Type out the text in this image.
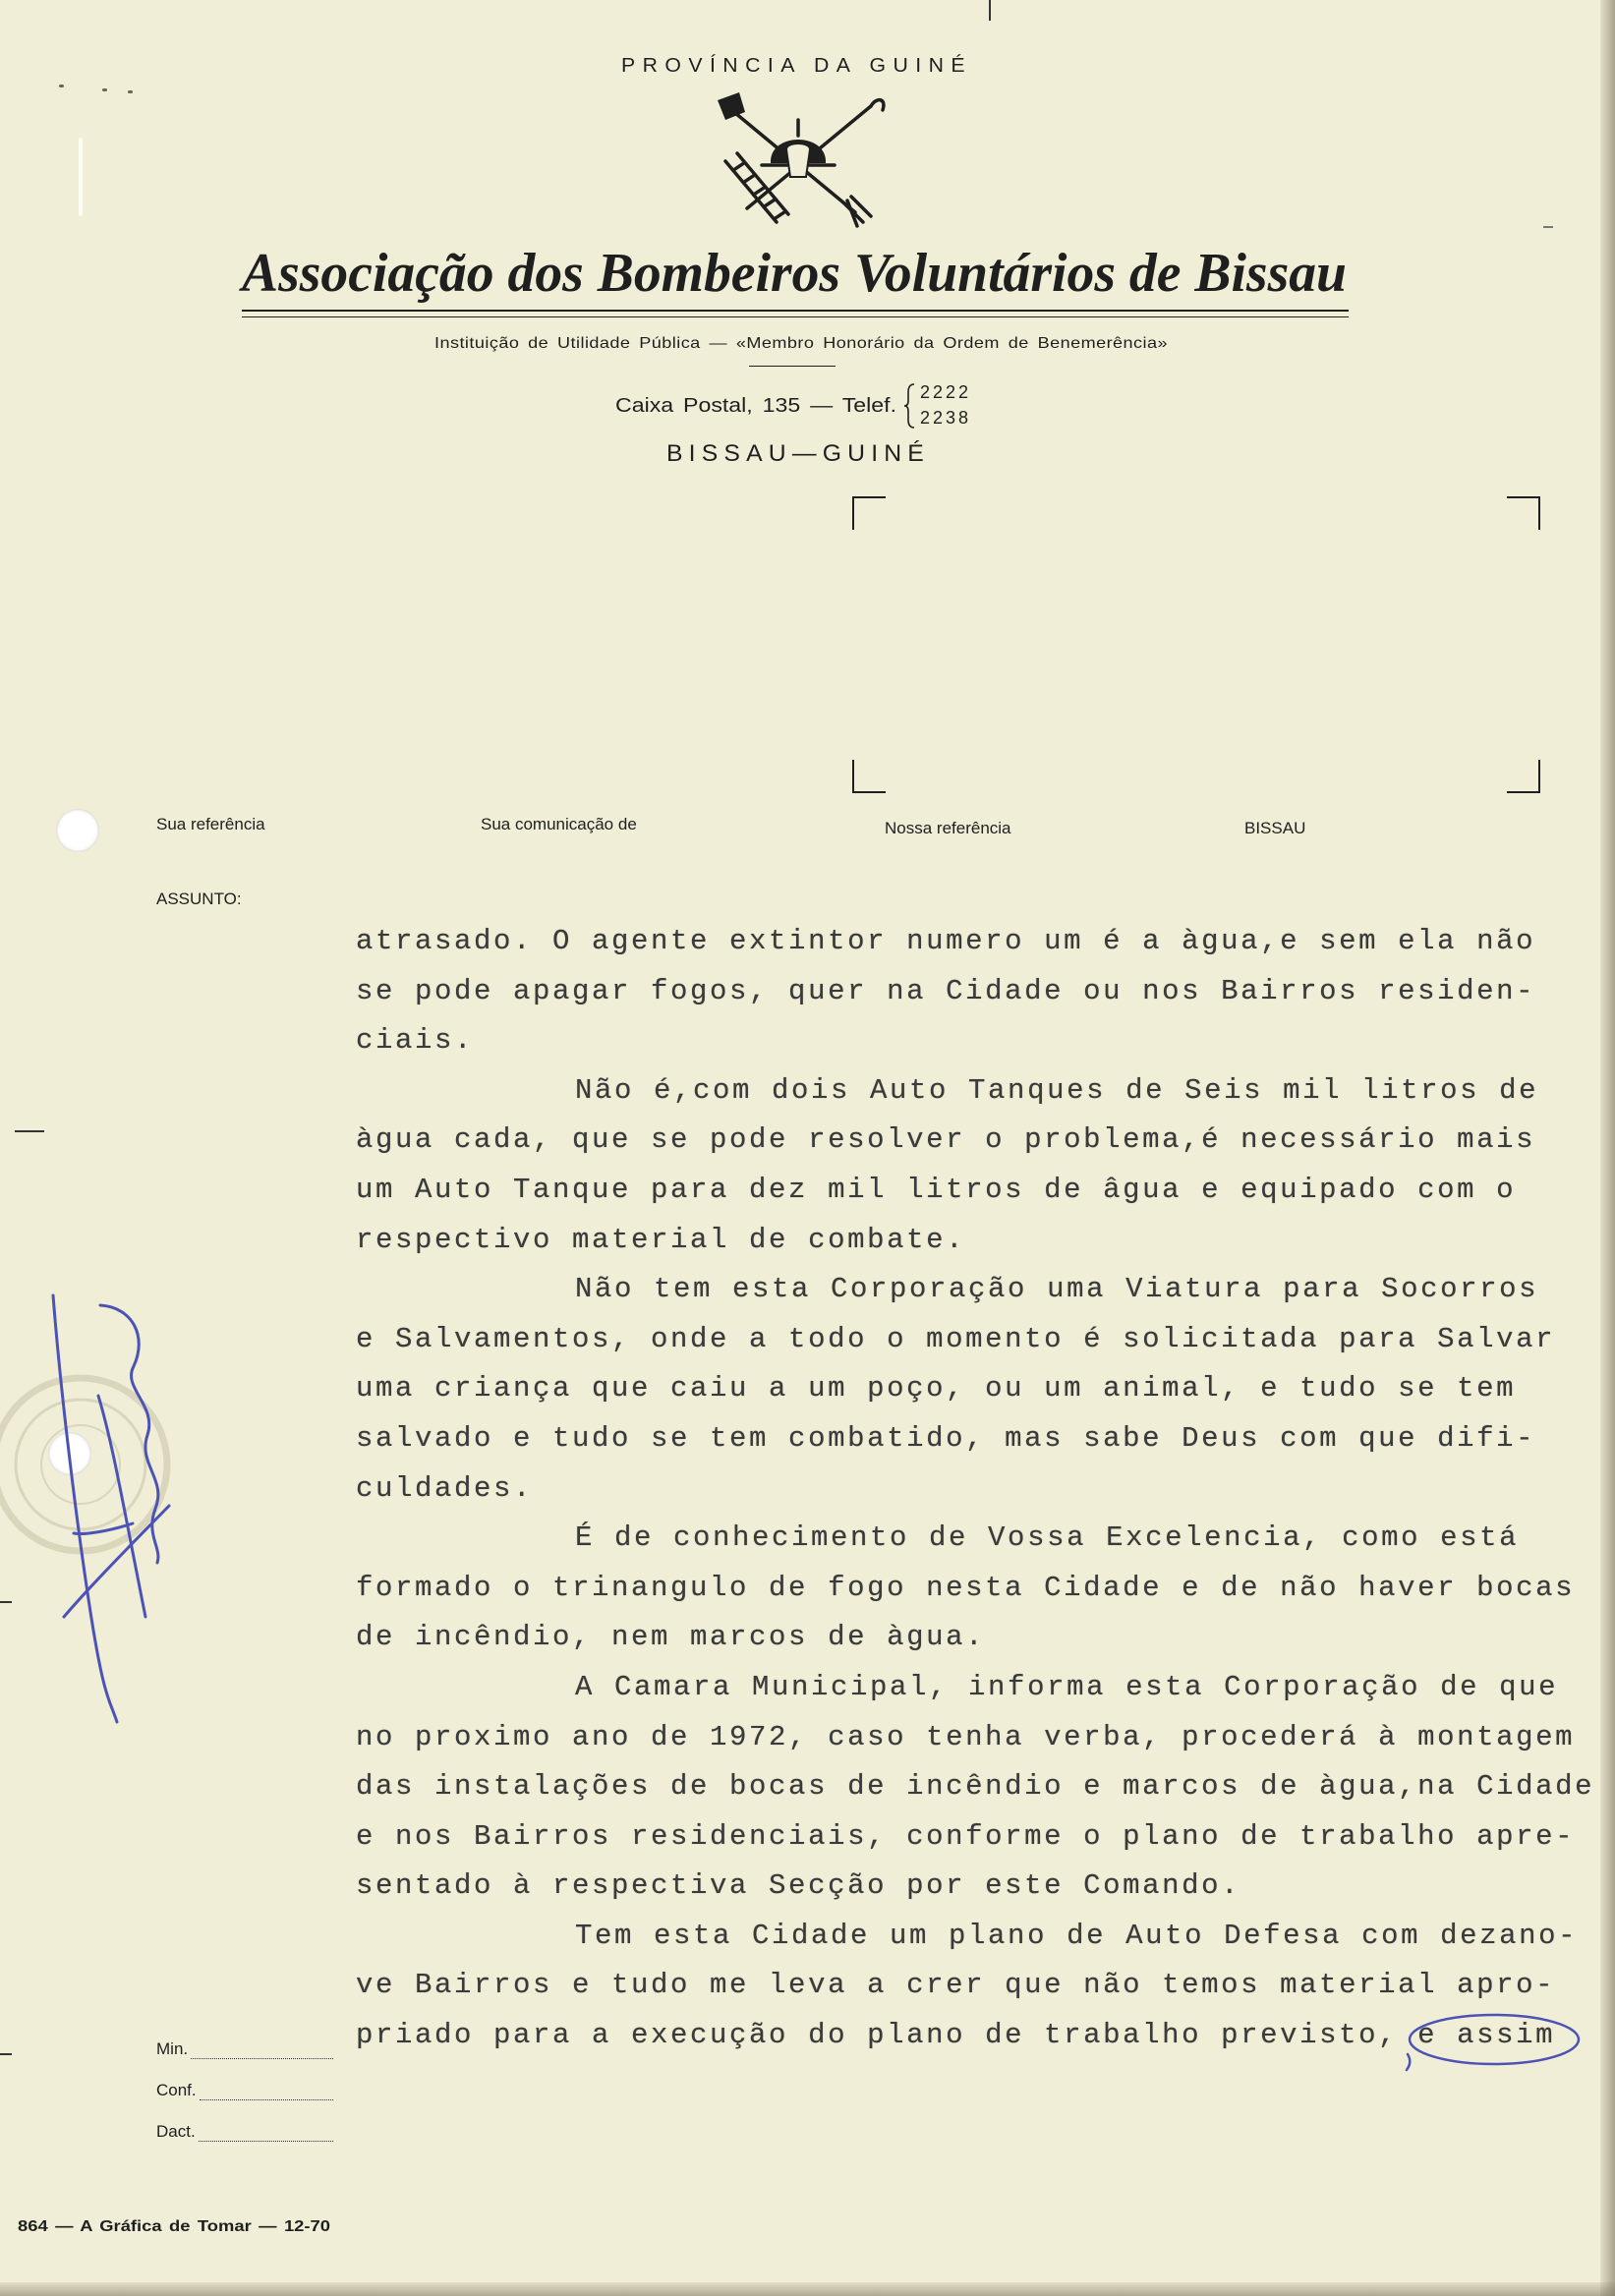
PROVÍNCIA DA GUINÉ
Associação dos Bombeiros Voluntários de Bissau
Instituição de Utilidade Pública — «Membro Honorário da Ordem de Benemerência»
Caixa Postal, 135 — Telef.
2222
2238
BISSAU—GUINÉ
Sua referência	Sua comunicação de	Nossa referência	BISSAU
ASSUNTO:
atrasado. O agente extintor numero um é a àgua,e sem ela não
se pode apagar fogos, quer na Cidade ou nos Bairros residen-
ciais.
Não é,com dois Auto Tanques de Seis mil litros de
àgua cada, que se pode resolver o problema,é necessário mais
um Auto Tanque para dez mil litros de âgua e equipado com o
respectivo material de combate.
Não tem esta Corporação uma Viatura para Socorros
e Salvamentos, onde a todo o momento é solicitada para Salvar
uma criança que caiu a um poço, ou um animal, e tudo se tem
salvado e tudo se tem combatido, mas sabe Deus com que difi-
culdades.
É de conhecimento de Vossa Excelencia, como está
formado o trinangulo de fogo nesta Cidade e de não haver bocas
de incêndio, nem marcos de àgua.
A Camara Municipal, informa esta Corporação de que
no proximo ano de 1972, caso tenha verba, procederá à montagem
das instalações de bocas de incêndio e marcos de àgua,na Cidade
e nos Bairros residenciais, conforme o plano de trabalho apre-
sentado à respectiva Secção por este Comando.
Tem esta Cidade um plano de Auto Defesa com dezano-
ve Bairros e tudo me leva a crer que não temos material apro-
priado para a execução do plano de trabalho previsto, e assim
Min.
Conf.
Dact.
864 — A Gráfica de Tomar — 12-70
